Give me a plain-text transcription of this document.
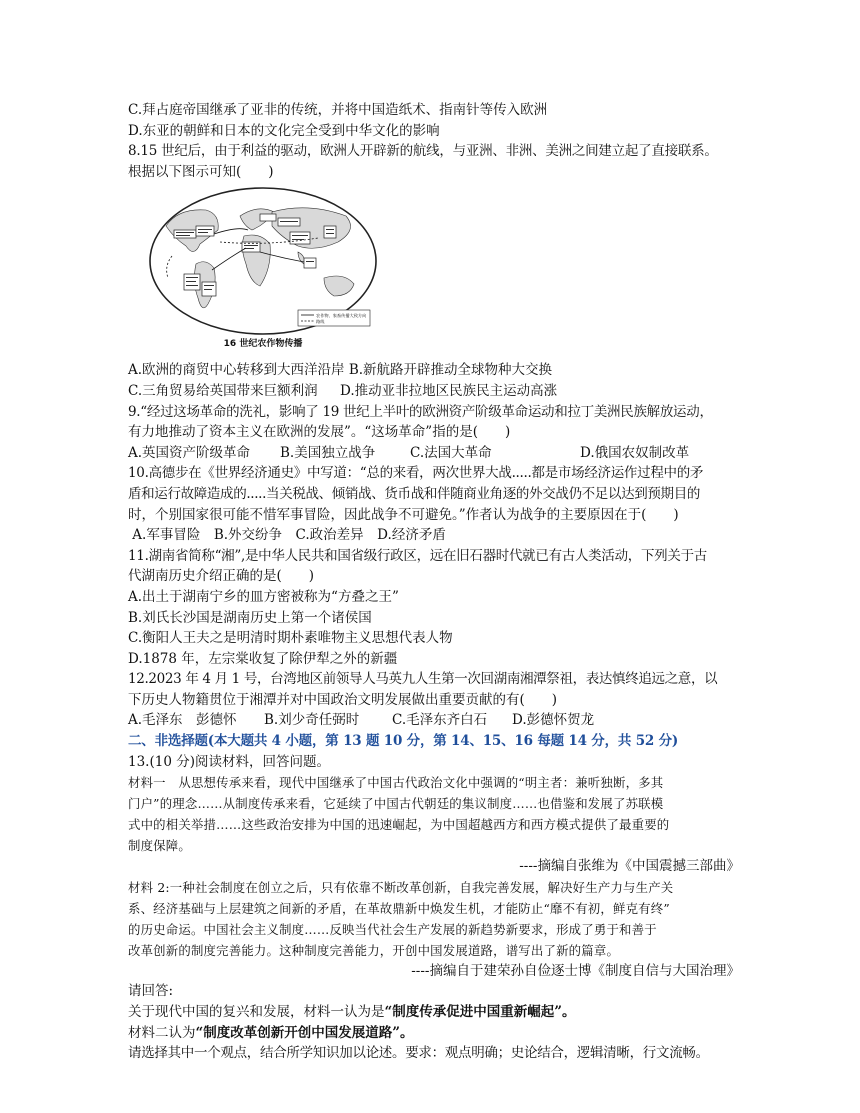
C.拜占庭帝国继承了亚非的传统，并将中国造纸术、指南针等传入欧洲
D.东亚的朝鲜和日本的文化完全受到中华文化的影响
8.15 世纪后，由于利益的驱动，欧洲人开辟新的航线，与亚洲、非洲、美洲之间建立起了直接联系。
根据以下图示可知(　　)
农作物、家畜传播大致方向
路线
16 世纪农作物传播
A.欧洲的商贸中心转移到大西洋沿岸 B.新航路开辟推动全球物种大交换
C.三角贸易给英国带来巨额利润	D.推动亚非拉地区民族民主运动高涨
9.“经过这场革命的洗礼，影响了 19 世纪上半叶的欧洲资产阶级革命运动和拉丁美洲民族解放运动，
有力地推动了资本主义在欧洲的发展”。“这场革命”指的是(　　)
A.英国资产阶级革命	B.美国独立战争	C.法国大革命	D.俄国农奴制改革
10.高德步在《世界经济通史》中写道：“总的来看，两次世界大战.....都是市场经济运作过程中的矛
盾和运行故障造成的.....当关税战、倾销战、货币战和伴随商业角逐的外交战仍不足以达到预期目的
时，个别国家很可能不惜军事冒险，因此战争不可避免。”作者认为战争的主要原因在于(　　)
A.军事冒险　B.外交纷争　C.政治差异　D.经济矛盾
11.湖南省简称“湘”,是中华人民共和国省级行政区，远在旧石器时代就已有古人类活动，下列关于古
代湖南历史介绍正确的是(　　)
A.出土于湖南宁乡的皿方密被称为“方叠之王”
B.刘氏长沙国是湖南历史上第一个诸侯国
C.衡阳人王夫之是明清时期朴素唯物主义思想代表人物
D.1878 年，左宗棠收复了除伊犁之外的新疆
12.2023 年 4 月 1 号，台湾地区前领导人马英九人生第一次回湖南湘潭祭祖，表达慎终追远之意，以
下历史人物籍贯位于湘潭并对中国政治文明发展做出重要贡献的有(　　)
A.毛泽东　彭德怀	B.刘少奇任弼时	C.毛泽东齐白石	D.彭德怀贺龙
二、非选择题(本大题共 4 小题，第 13 题 10 分，第 14、15、16 每题 14 分，共 52 分)
13.(10 分)阅读材料，回答问题。
材料一　从思想传承来看，现代中国继承了中国古代政治文化中强调的“明主者：兼听独断，多其
门户”的理念……从制度传承来看，它延续了中国古代朝廷的集议制度……也借鉴和发展了苏联模
式中的相关举措……这些政治安排为中国的迅速崛起，为中国超越西方和西方模式提供了最重要的
制度保障。
----摘编自张维为《中国震撼三部曲》
材料 2:一种社会制度在创立之后，只有依靠不断改革创新，自我完善发展，解决好生产力与生产关
系、经济基础与上层建筑之间新的矛盾，在革故鼎新中焕发生机，才能防止“靡不有初，鲜克有终”
的历史命运。中国社会主义制度……反映当代社会生产发展的新趋势新要求，形成了勇于和善于
改革创新的制度完善能力。这种制度完善能力，开创中国发展道路，谱写出了新的篇章。
----摘编自于建荣孙自俭逐士博《制度自信与大国治理》
请回答:
关于现代中国的复兴和发展，材料一认为是“制度传承促进中国重新崛起”。
材料二认为“制度改革创新开创中国发展道路”。
请选择其中一个观点，结合所学知识加以论述。要求：观点明确；史论结合，逻辑清晰，行文流畅。
